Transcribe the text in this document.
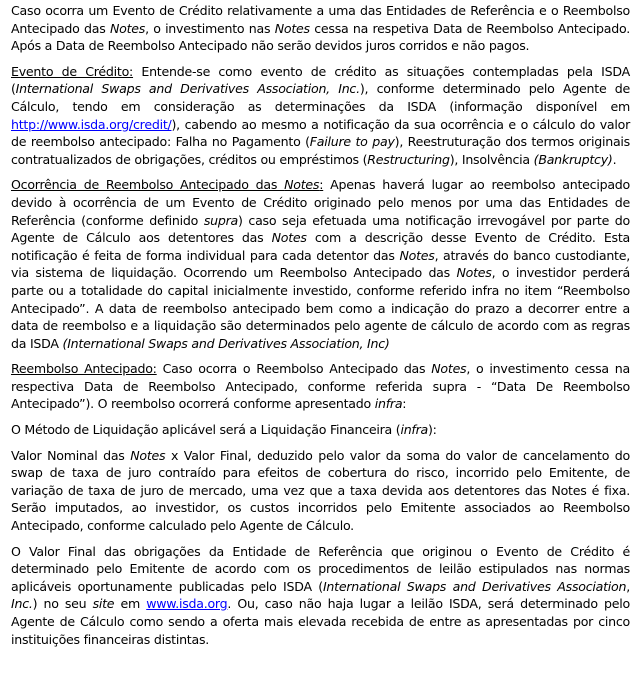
Caso ocorra um Evento de Crédito relativamente a uma das Entidades de Referência e o Reembolso Antecipado das Notes, o investimento nas Notes cessa na respetiva Data de Reembolso Antecipado. Após a Data de Reembolso Antecipado não serão devidos juros corridos e não pagos.

Evento de Crédito: Entende-se como evento de crédito as situações contempladas pela ISDA (International Swaps and Derivatives Association, Inc.), conforme determinado pelo Agente de Cálculo, tendo em consideração as determinações da ISDA (informação disponível em http://www.isda.org/credit/), cabendo ao mesmo a notificação da sua ocorrência e o cálculo do valor de reembolso antecipado: Falha no Pagamento (Failure to pay), Reestruturação dos termos originais contratualizados de obrigações, créditos ou empréstimos (Restructuring), Insolvência (Bankruptcy).

Ocorrência de Reembolso Antecipado das Notes: Apenas haverá lugar ao reembolso antecipado devido à ocorrência de um Evento de Crédito originado pelo menos por uma das Entidades de Referência (conforme definido supra) caso seja efetuada uma notificação irrevogável por parte do Agente de Cálculo aos detentores das Notes com a descrição desse Evento de Crédito. Esta notificação é feita de forma individual para cada detentor das Notes, através do banco custodiante, via sistema de liquidação. Ocorrendo um Reembolso Antecipado das Notes, o investidor perderá parte ou a totalidade do capital inicialmente investido, conforme referido infra no item “Reembolso Antecipado”. A data de reembolso antecipado bem como a indicação do prazo a decorrer entre a data de reembolso e a liquidação são determinados pelo agente de cálculo de acordo com as regras da ISDA (International Swaps and Derivatives Association, Inc)

Reembolso Antecipado: Caso ocorra o Reembolso Antecipado das Notes, o investimento cessa na respectiva Data de Reembolso Antecipado, conforme referida supra - “Data De Reembolso Antecipado”). O reembolso ocorrerá conforme apresentado infra:

O Método de Liquidação aplicável será a Liquidação Financeira (infra):

Valor Nominal das Notes x Valor Final, deduzido pelo valor da soma do valor de cancelamento do swap de taxa de juro contraído para efeitos de cobertura do risco, incorrido pelo Emitente, de variação de taxa de juro de mercado, uma vez que a taxa devida aos detentores das Notes é fixa. Serão imputados, ao investidor, os custos incorridos pelo Emitente associados ao Reembolso Antecipado, conforme calculado pelo Agente de Cálculo.

O Valor Final das obrigações da Entidade de Referência que originou o Evento de Crédito é determinado pelo Emitente de acordo com os procedimentos de leilão estipulados nas normas aplicáveis oportunamente publicadas pelo ISDA (International Swaps and Derivatives Association, Inc.) no seu site em www.isda.org. Ou, caso não haja lugar a leilão ISDA, será determinado pelo Agente de Cálculo como sendo a oferta mais elevada recebida de entre as apresentadas por cinco instituições financeiras distintas.
